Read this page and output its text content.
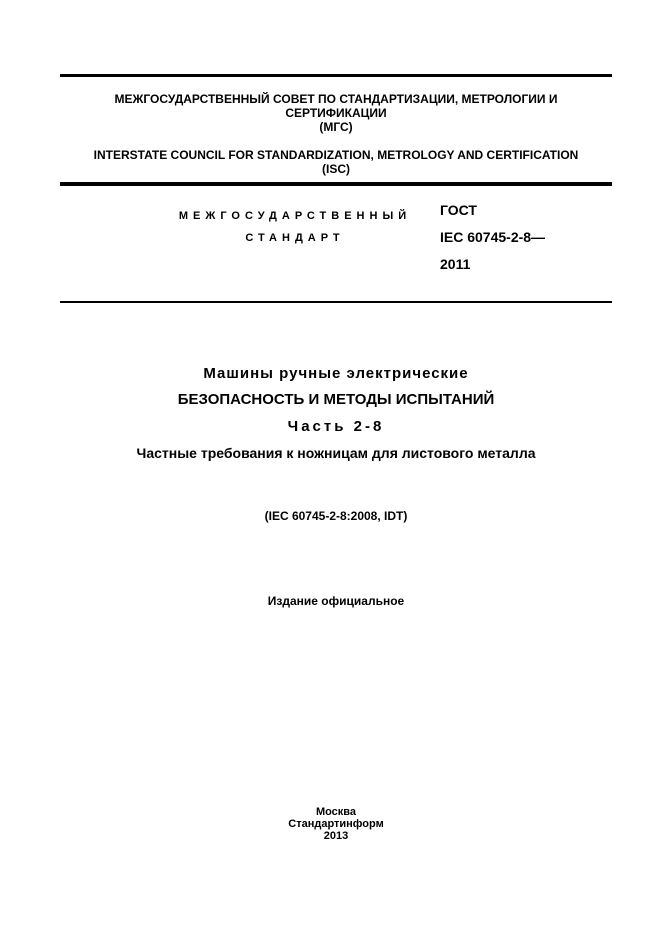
МЕЖГОСУДАРСТВЕННЫЙ СОВЕТ ПО СТАНДАРТИЗАЦИИ, МЕТРОЛОГИИ И
СЕРТИФИКАЦИИ
(МГС)
INTERSTATE COUNCIL FOR STANDARDIZATION, METROLOGY AND CERTIFICATION
(ISC)
МЕЖГОСУДАРСТВЕННЫЙ
СТАНДАРТ
ГОСТ
IEC 60745-2-8—
2011
Машины ручные электрические
БЕЗОПАСНОСТЬ И МЕТОДЫ ИСПЫТАНИЙ
Часть 2-8
Частные требования к ножницам для листового металла
(IEC 60745-2-8:2008, IDT)
Издание официальное
Москва
Стандартинформ
2013
